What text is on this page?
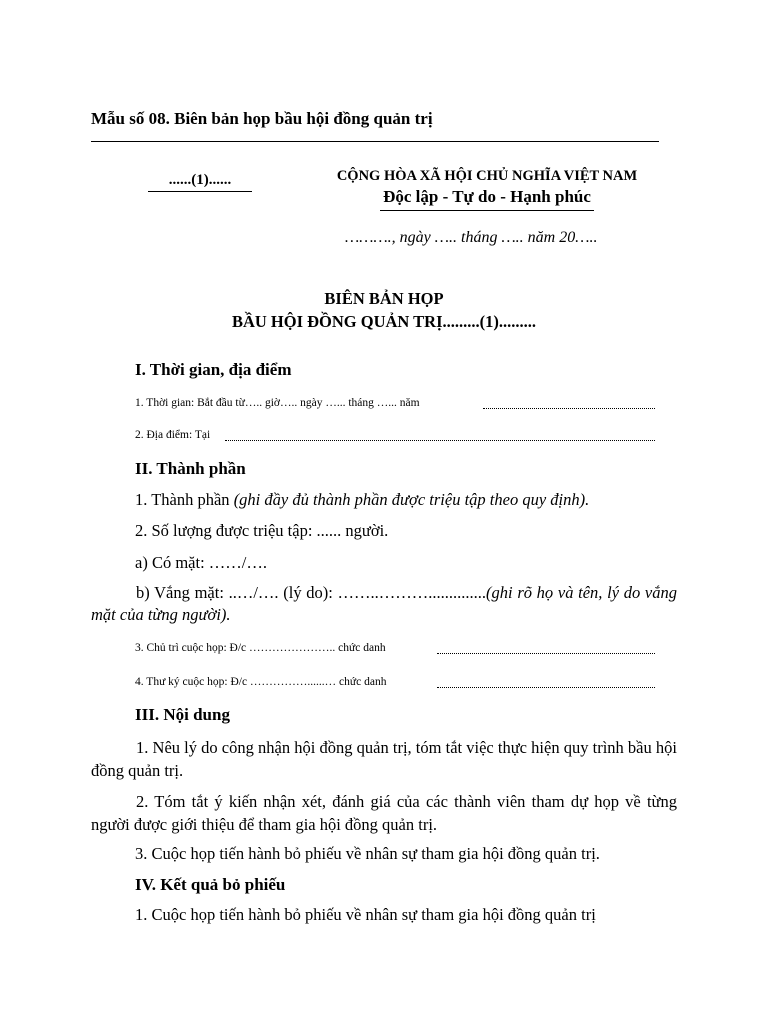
Mẫu số 08. Biên bản họp bầu hội đồng quản trị
......(1)......	CỘNG HÒA XÃ HỘI CHỦ NGHĨA VIỆT NAM
Độc lập - Tự do - Hạnh phúc
………., ngày ….. tháng ….. năm 20…..
BIÊN BẢN HỌP
BẦU HỘI ĐỒNG QUẢN TRỊ.........(1).........
I. Thời gian, địa điểm
1. Thời gian: Bắt đầu từ….. giờ….. ngày …... tháng …... năm
2. Địa điểm: Tại
II. Thành phần
1. Thành phần (ghi đầy đủ thành phần được triệu tập theo quy định).
2. Số lượng được triệu tập: ...... người.
a) Có mặt: ……/….
b) Vắng mặt: ..…/…. (lý do): ……..………..............(ghi rõ họ và tên, lý do vắng mặt của từng người).
3. Chủ trì cuộc họp: Đ/c ………………….. chức danh
4. Thư ký cuộc họp: Đ/c ……………......… chức danh
III. Nội dung
1. Nêu lý do công nhận hội đồng quản trị, tóm tắt việc thực hiện quy trình bầu hội đồng quản trị.
2. Tóm tắt ý kiến nhận xét, đánh giá của các thành viên tham dự họp về từng người được giới thiệu để tham gia hội đồng quản trị.
3. Cuộc họp tiến hành bỏ phiếu về nhân sự tham gia hội đồng quản trị.
IV. Kết quả bỏ phiếu
1. Cuộc họp tiến hành bỏ phiếu về nhân sự tham gia hội đồng quản trị
